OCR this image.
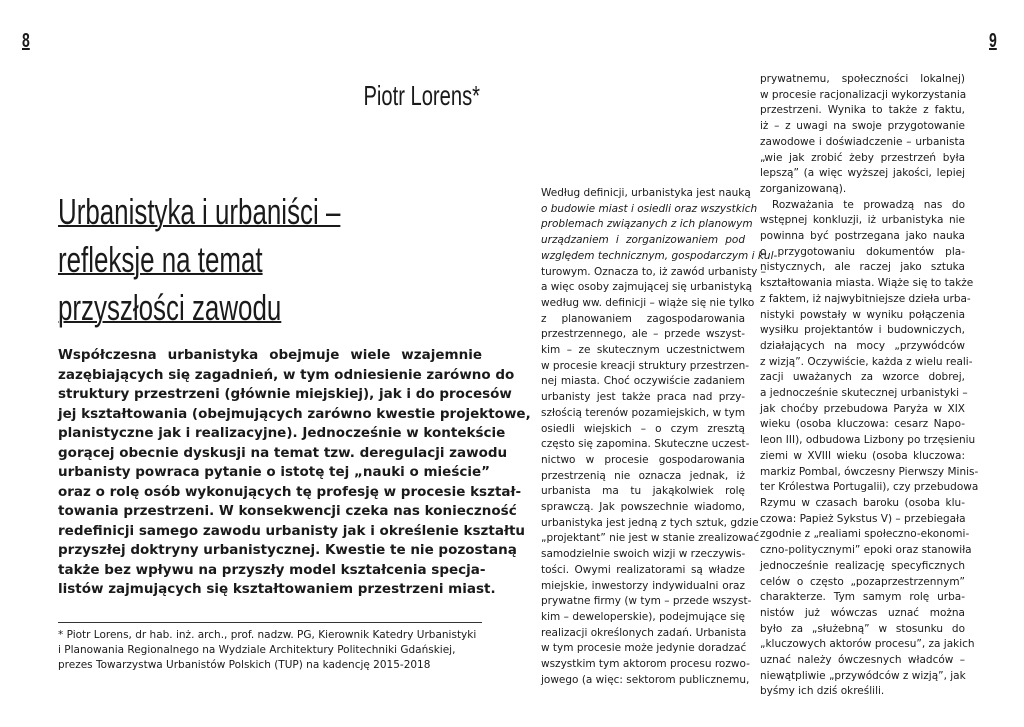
8	9
Piotr Lorens*
Urbanistyka i urbaniści –
refleksje na temat
przyszłości zawodu
Współczesna urbanistyka obejmuje wiele wzajemnie
zazębiających się zagadnień, w tym odniesienie zarówno do
struktury przestrzeni (głównie miejskiej), jak i do procesów
jej kształtowania (obejmujących zarówno kwestie projektowe,
planistyczne jak i realizacyjne). Jednocześnie w kontekście
gorącej obecnie dyskusji na temat tzw. deregulacji zawodu
urbanisty powraca pytanie o istotę tej „nauki o mieście”
oraz o rolę osób wykonujących tę profesję w procesie kształ-
towania przestrzeni. W konsekwencji czeka nas konieczność
redefinicji samego zawodu urbanisty jak i określenie kształtu
przyszłej doktryny urbanistycznej. Kwestie te nie pozostaną
także bez wpływu na przyszły model kształcenia specja-
listów zajmujących się kształtowaniem przestrzeni miast.
* Piotr Lorens, dr hab. inż. arch., prof. nadzw. PG, Kierownik Katedry Urbanistyki
i Planowania Regionalnego na Wydziale Architektury Politechniki Gdańskiej,
prezes Towarzystwa Urbanistów Polskich (TUP) na kadencję 2015-2018
Według definicji, urbanistyka jest nauką
o budowie miast i osiedli oraz wszystkich
problemach związanych z ich planowym
urządzaniem i zorganizowaniem pod
względem technicznym, gospodarczym i kul-
turowym. Oznacza to, iż zawód urbanisty –
a więc osoby zajmującej się urbanistyką
według ww. definicji – wiąże się nie tylko
z planowaniem zagospodarowania
przestrzennego, ale – przede wszyst-
kim – ze skutecznym uczestnictwem
w procesie kreacji struktury przestrzen-
nej miasta. Choć oczywiście zadaniem
urbanisty jest także praca nad przy-
szłością terenów pozamiejskich, w tym
osiedli wiejskich – o czym zresztą
często się zapomina. Skuteczne uczest-
nictwo w procesie gospodarowania
przestrzenią nie oznacza jednak, iż
urbanista ma tu jakąkolwiek rolę
sprawczą. Jak powszechnie wiadomo,
urbanistyka jest jedną z tych sztuk, gdzie
„projektant” nie jest w stanie zrealizować
samodzielnie swoich wizji w rzeczywis-
tości. Owymi realizatorami są władze
miejskie, inwestorzy indywidualni oraz
prywatne firmy (w tym – przede wszyst-
kim – deweloperskie), podejmujące się
realizacji określonych zadań. Urbanista
w tym procesie może jedynie doradzać
wszystkim tym aktorom procesu rozwo-
jowego (a więc: sektorom publicznemu,
prywatnemu, społeczności lokalnej)
w procesie racjonalizacji wykorzystania
przestrzeni. Wynika to także z faktu,
iż – z uwagi na swoje przygotowanie
zawodowe i doświadczenie – urbanista
„wie jak zrobić żeby przestrzeń była
lepszą” (a więc wyższej jakości, lepiej
zorganizowaną).
Rozważania te prowadzą nas do
wstępnej konkluzji, iż urbanistyka nie
powinna być postrzegana jako nauka
o przygotowaniu dokumentów pla-
nistycznych, ale raczej jako sztuka
kształtowania miasta. Wiąże się to także
z faktem, iż najwybitniejsze dzieła urba-
nistyki powstały w wyniku połączenia
wysiłku projektantów i budowniczych,
działających na mocy „przywódców
z wizją”. Oczywiście, każda z wielu reali-
zacji uważanych za wzorce dobrej,
a jednocześnie skutecznej urbanistyki –
jak choćby przebudowa Paryża w XIX
wieku (osoba kluczowa: cesarz Napo-
leon III), odbudowa Lizbony po trzęsieniu
ziemi w XVIII wieku (osoba kluczowa:
markiz Pombal, ówczesny Pierwszy Minis-
ter Królestwa Portugalii), czy przebudowa
Rzymu w czasach baroku (osoba klu-
czowa: Papież Sykstus V) – przebiegała
zgodnie z „realiami społeczno-ekonomi-
czno-politycznymi” epoki oraz stanowiła
jednocześnie realizację specyficznych
celów o często „pozaprzestrzennym”
charakterze. Tym samym rolę urba-
nistów już wówczas uznać można
było za „służebną” w stosunku do
„kluczowych aktorów procesu”, za jakich
uznać należy ówczesnych władców –
niewątpliwie „przywódców z wizją”, jak
byśmy ich dziś określili.
